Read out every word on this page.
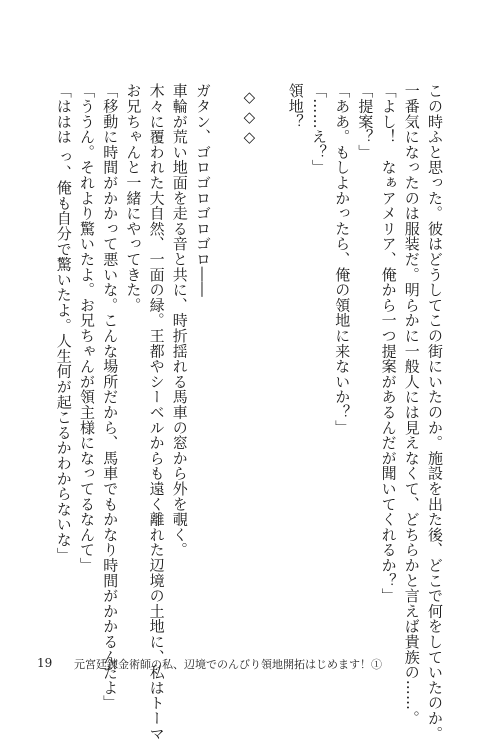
この時ふと思った。彼はどうしてこの街にいたのか。施設を出た後、どこで何をしていたのか。
一番気になったのは服装だ。明らかに一般人には見えなくて、どちらかと言えば貴族の……。
「よし！　なぁアメリア、俺から一つ提案があるんだが聞いてくれるか？」
「提案？」
「ああ。もしよかったら、俺の領地に来ないか？」
「……え？」
領地？
◇◇◇
ガタン、ゴロゴロゴロゴロ――
車輪が荒い地面を走る音と共に、時折揺れる馬車の窓から外を覗く。
木々に覆われた大自然、一面の緑。王都やシーベルからも遠く離れた辺境の土地に、私はトーマ
お兄ちゃんと一緒にやってきた。
「移動に時間がかかって悪いな。こんな場所だから、馬車でもかなり時間がかかるんだよ」
「ううん。それより驚いたよ。お兄ちゃんが領主様になってるなんて」
「ははは っ、俺も自分で驚いたよ。人生何が起こるかわからないな」
19 元宮廷錬金術師の私、辺境でのんびり領地開拓はじめます！①
